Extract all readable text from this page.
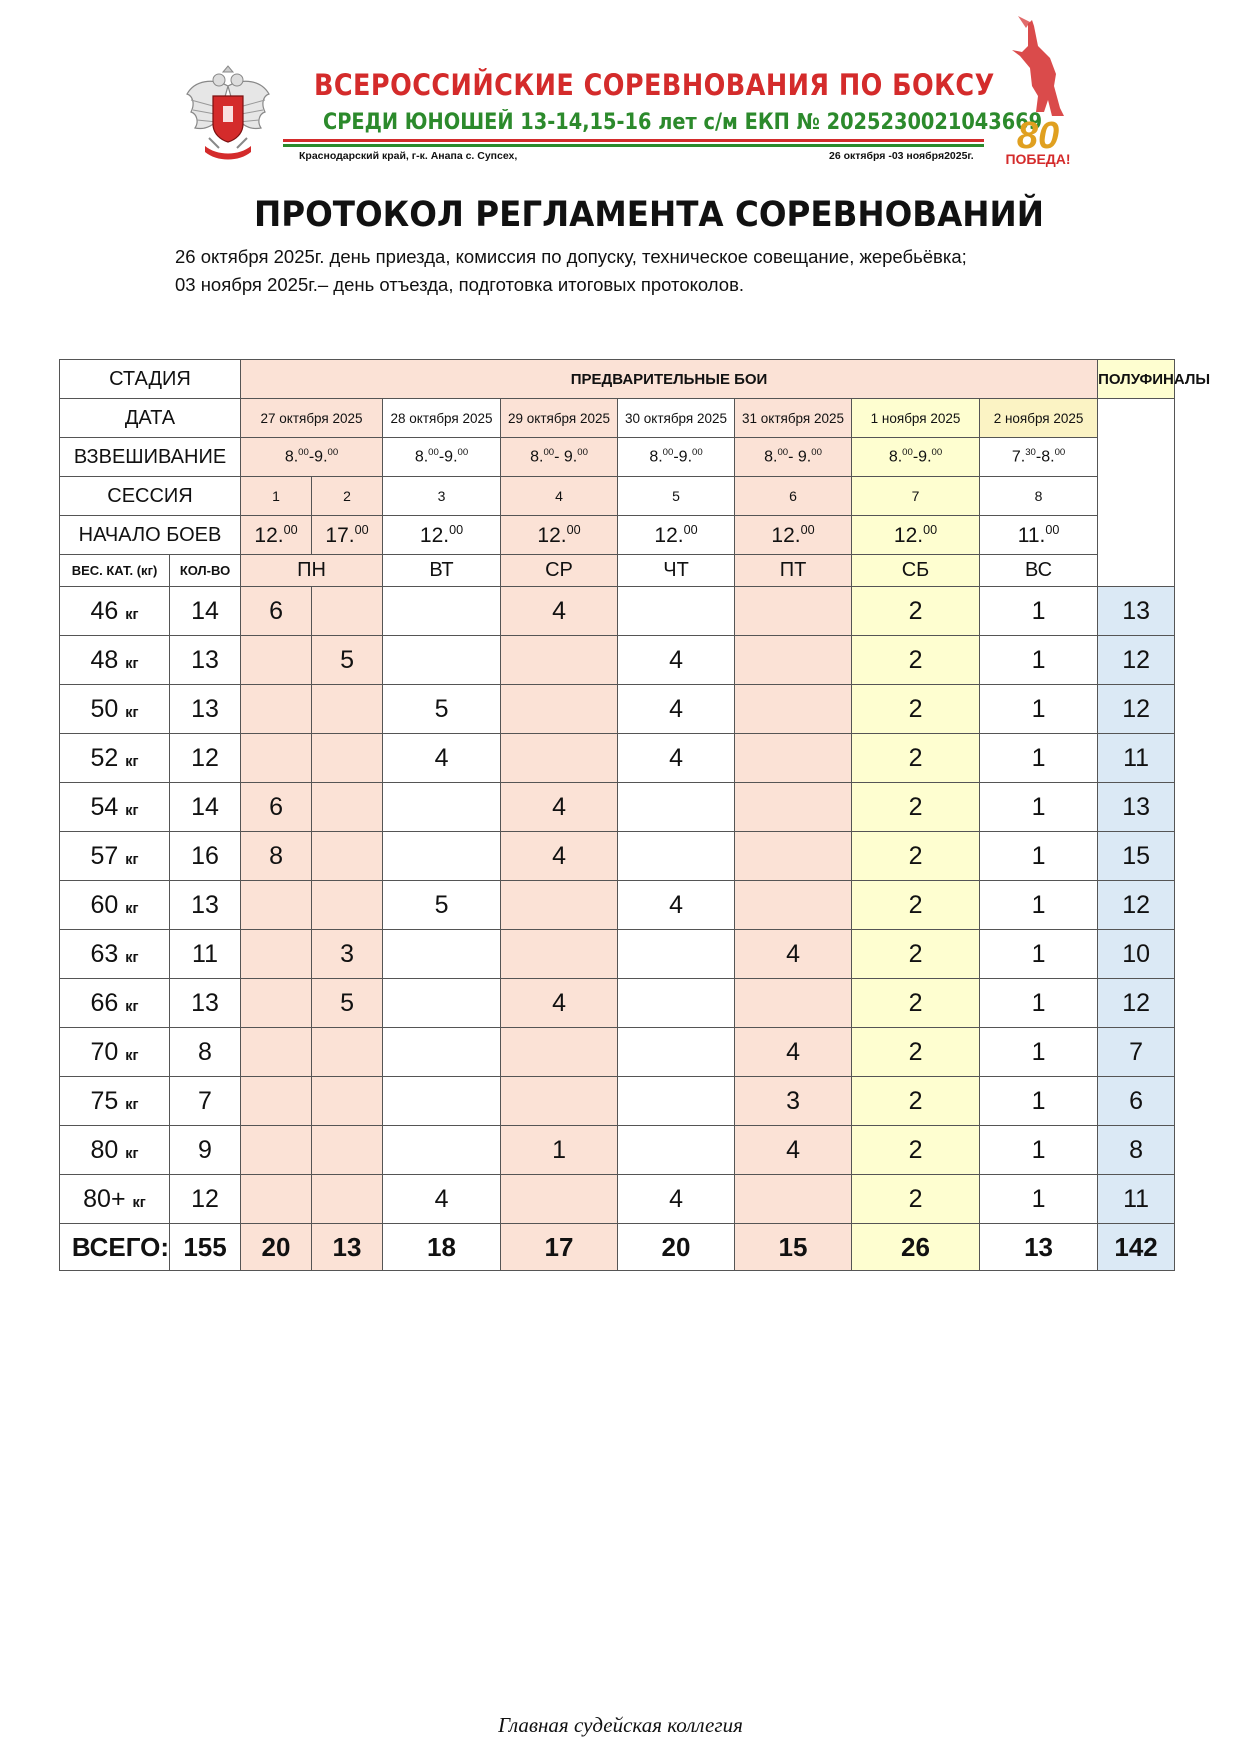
ВСЕРОССИЙСКИЕ СОРЕВНОВАНИЯ ПО БОКСУ
СРЕДИ ЮНОШЕЙ 13-14,15-16 лет с/м ЕКП № 2025230021043669
Краснодарский край, г-к. Анапа с. Супсех,	26 октября -03 ноября2025г. 80
ПОБЕДА!
ПРОТОКОЛ РЕГЛАМЕНТА СОРЕВНОВАНИЙ
26 октября 2025г. день приезда, комиссия по допуску, техническое совещание, жеребьёвка;
03 ноября 2025г.– день отъезда, подготовка итоговых протоколов.
СТАДИЯ		ПРЕДВАРИТЕЛЬНЫЕ БОИ								ПОЛУФИНАЛЫ		
ДАТА		27 октября 2025		28 октября 2025	29 октября 2025	30 октября 2025	31 октября 2025	1 ноября 2025	2 ноября 2025		
ВЗВЕШИВАНИЕ		8.00-9.00		8.00-9.00	8.00- 9.00	8.00-9.00	8.00- 9.00	8.00-9.00	7.30-8.00
СЕССИЯ		1	2	3	4	5	6	7	8		
НАЧАЛО БОЕВ		12.00	17.00	12.00	12.00	12.00	12.00	12.00	11.00
ВЕС. КАТ. (кг)	КОЛ-ВО	ПН		ВТ	СР	ЧТ	ПТ	СБ	ВС		
46 кг	14	6			4			2	1	13	
48 кг	13		5			4		2	1	12	
50 кг	13			5		4		2	1	12	
52 кг	12			4		4		2	1	11	
54 кг	14	6			4			2	1	13	
57 кг	16	8			4			2	1	15	
60 кг	13			5		4		2	1	12	
63 кг	11		3				4	2	1	10	
66 кг	13		5		4			2	1	12	
70 кг	8						4	2	1	7	
75 кг	7						3	2	1	6	
80 кг	9				1		4	2	1	8	
80+ кг	12			4		4		2	1	11	
ВСЕГО:	155	20	13	18	17	20	15	26	13	142	
Главная судейская коллегия
